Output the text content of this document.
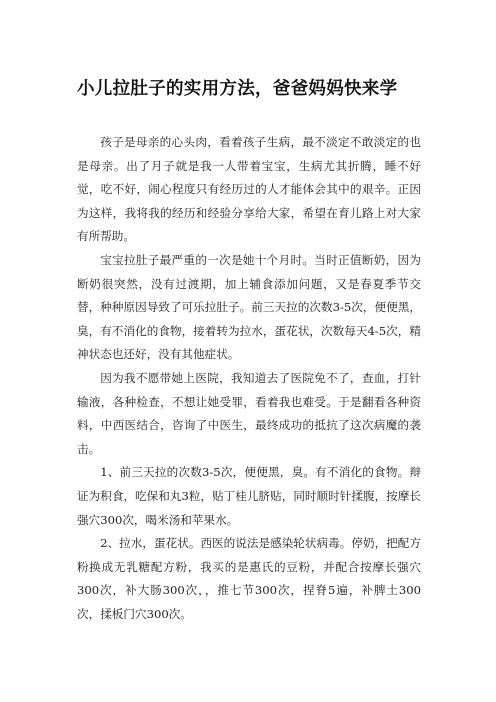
小儿拉肚子的实用方法，爸爸妈妈快来学

孩子是母亲的心头肉，看着孩子生病，最不淡定不敢淡定的也是母亲。出了月子就是我一人带着宝宝，生病尤其折腾，睡不好觉，吃不好，闹心程度只有经历过的人才能体会其中的艰辛。正因为这样，我将我的经历和经验分享给大家，希望在育儿路上对大家有所帮助。

宝宝拉肚子最严重的一次是她十个月时。当时正值断奶，因为断奶很突然，没有过渡期，加上辅食添加问题，又是春夏季节交替，种种原因导致了可乐拉肚子。前三天拉的次数3-5次，便便黑，臭，有不消化的食物，接着转为拉水，蛋花状，次数每天4-5次，精神状态也还好，没有其他症状。

因为我不愿带她上医院，我知道去了医院免不了，查血，打针输液，各种检查，不想让她受罪，看着我也难受。于是翻看各种资料，中西医结合，咨询了中医生，最终成功的抵抗了这次病魔的袭击。

1、前三天拉的次数3-5次，便便黑，臭。有不消化的食物。辩证为积食，吃保和丸3粒，贴丁桂儿脐贴，同时顺时针揉腹，按摩长强穴300次，喝米汤和苹果水。

2、拉水，蛋花状。西医的说法是感染轮状病毒。停奶，把配方粉换成无乳糖配方粉，我买的是惠氏的豆粉，并配合按摩长强穴300次，补大肠300次，，推七节300次，捏脊5遍，补脾土300次，揉板门穴300次。
